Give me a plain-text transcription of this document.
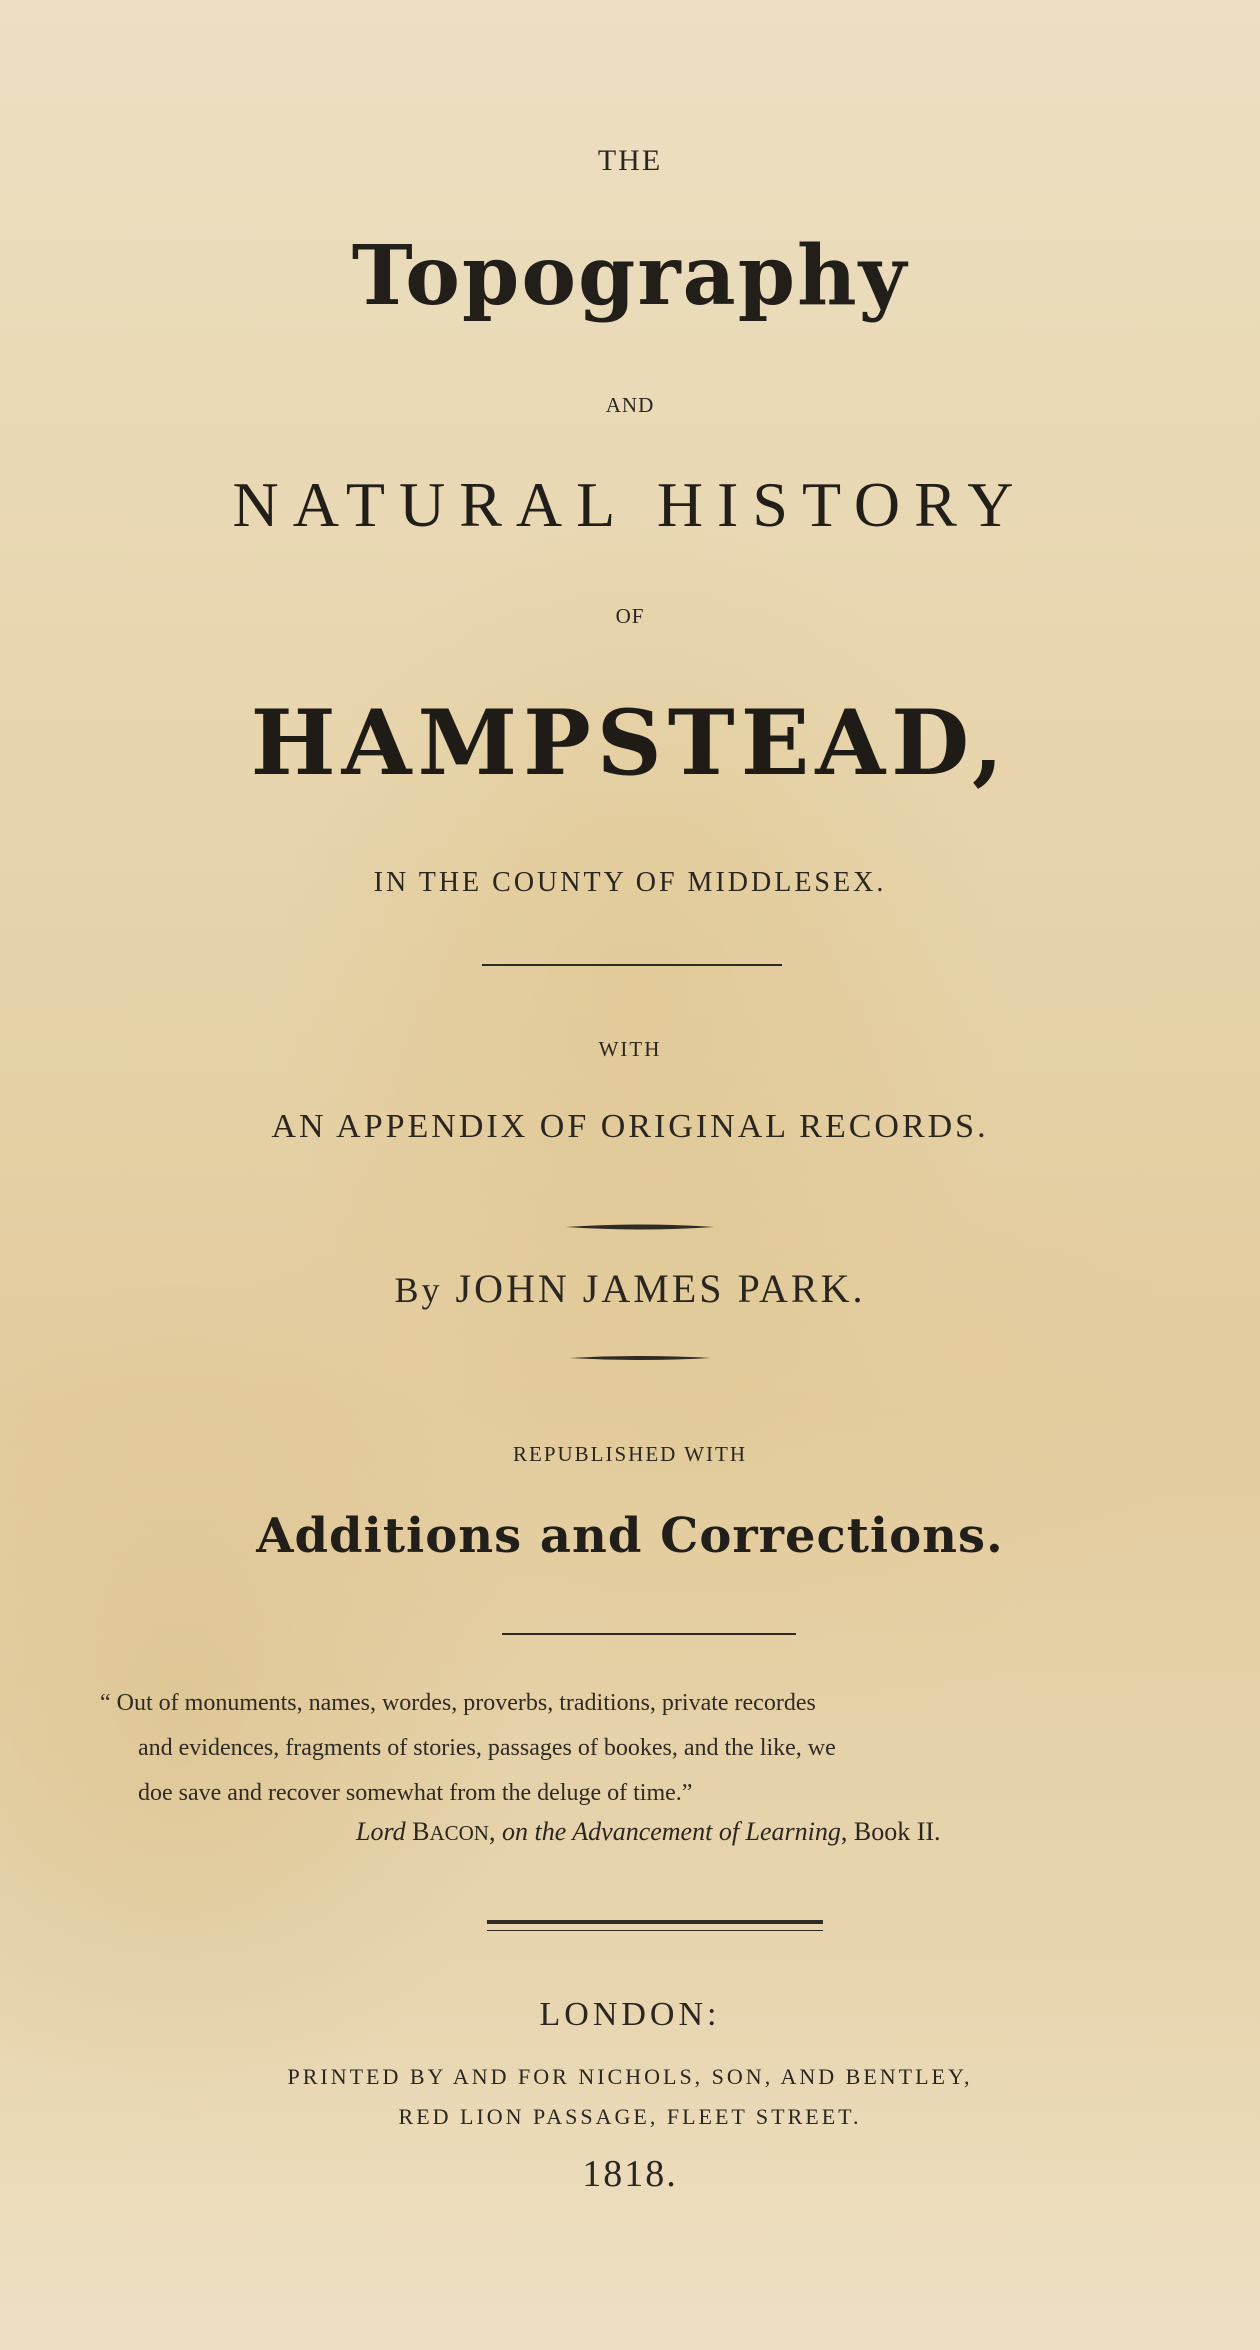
THE

Topography

AND

NATURAL HISTORY

OF

HAMPSTEAD,

IN THE COUNTY OF MIDDLESEX.

WITH

AN APPENDIX OF ORIGINAL RECORDS.

By JOHN JAMES PARK.

REPUBLISHED WITH

Additions and Corrections.

“ Out of monuments, names, wordes, proverbs, traditions, private recordes
and evidences, fragments of stories, passages of bookes, and the like, we
doe save and recover somewhat from the deluge of time.”
Lord BACON, on the Advancement of Learning, Book II.

LONDON:

PRINTED BY AND FOR NICHOLS, SON, AND BENTLEY,

RED LION PASSAGE, FLEET STREET.

1818.
